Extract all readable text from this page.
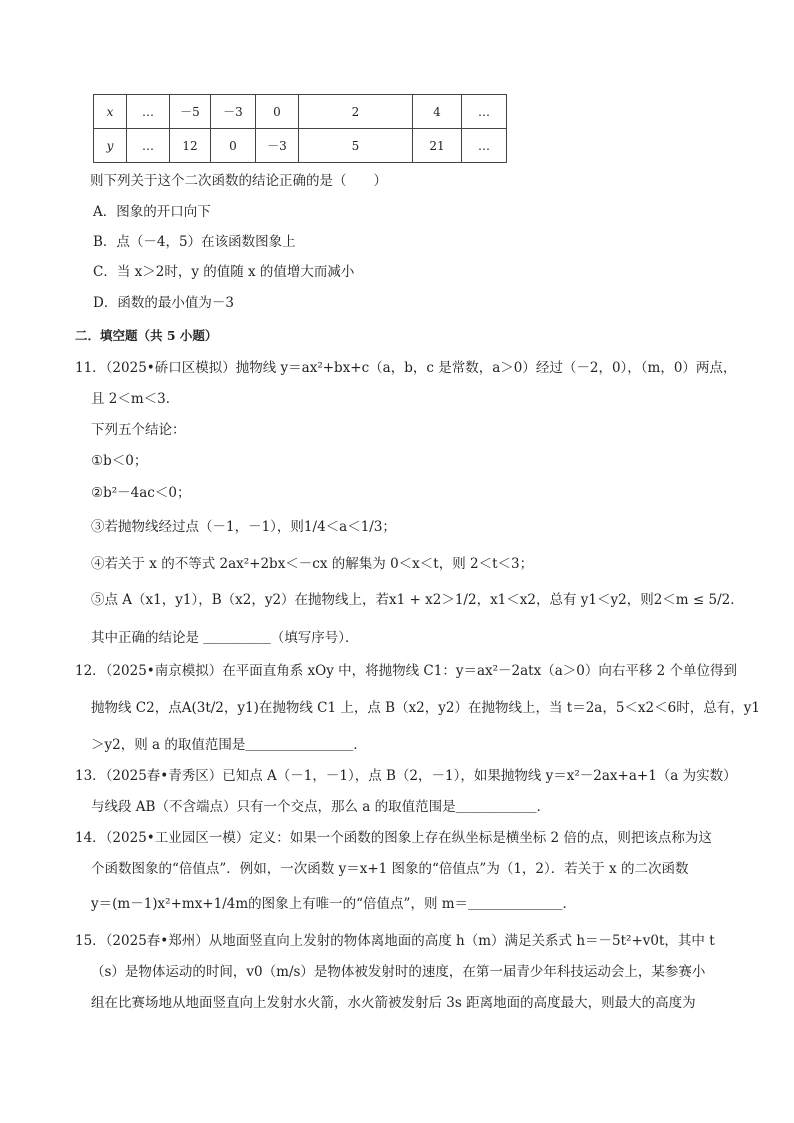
x	…	－5	－3	0	2	4	…
y	…	12	0	－3	5	21	…
则下列关于这个二次函数的结论正确的是（　　）
A．图象的开口向下
B．点（－4，5）在该函数图象上
C．当 x＞2时，y 的值随 x 的值增大而减小
D．函数的最小值为－3
二．填空题（共 5 小题）
11．（2025•硚口区模拟）抛物线 y＝ax²+bx+c（a，b，c 是常数，a＞0）经过（－2，0），（m，0）两点，
且 2＜m＜3．
下列五个结论：
①b＜0；
②b²－4ac＜0；
③若抛物线经过点（－1，－1），则1/4＜a＜1/3；
④若关于 x 的不等式 2ax²+2bx＜－cx 的解集为 0＜x＜t，则 2＜t＜3；
⑤点 A（x1，y1），B（x2，y2）在抛物线上，若x1 + x2＞1/2，x1＜x2，总有 y1＜y2，则2＜m ≤ 5/2．
其中正确的结论是 ＿＿＿＿＿（填写序号）．
12．（2025•南京模拟）在平面直角系 xOy 中，将抛物线 C1：y＝ax²－2atx（a＞0）向右平移 2 个单位得到
抛物线 C2，点A(3t/2，y1)在抛物线 C1 上，点 B（x2，y2）在抛物线上，当 t＝2a，5＜x2＜6时，总有，y1
＞y2，则 a 的取值范围是＿＿＿＿＿＿＿＿．
13．（2025春•青秀区）已知点 A（－1，－1），点 B（2，－1），如果抛物线 y＝x²－2ax+a+1（a 为实数）
与线段 AB（不含端点）只有一个交点，那么 a 的取值范围是＿＿＿＿＿＿．
14．（2025•工业园区一模）定义：如果一个函数的图象上存在纵坐标是横坐标 2 倍的点，则把该点称为这
个函数图象的“倍值点”．例如，一次函数 y＝x+1 图象的“倍值点”为（1，2）．若关于 x 的二次函数
y＝(m－1)x²+mx+1/4m的图象上有唯一的“倍值点”，则 m＝＿＿＿＿＿＿＿．
15．（2025春•郑州）从地面竖直向上发射的物体离地面的高度 h（m）满足关系式 h＝－5t²+v0t，其中 t
（s）是物体运动的时间，v0（m/s）是物体被发射时的速度，在第一届青少年科技运动会上，某参赛小
组在比赛场地从地面竖直向上发射水火箭，水火箭被发射后 3s 距离地面的高度最大，则最大的高度为
